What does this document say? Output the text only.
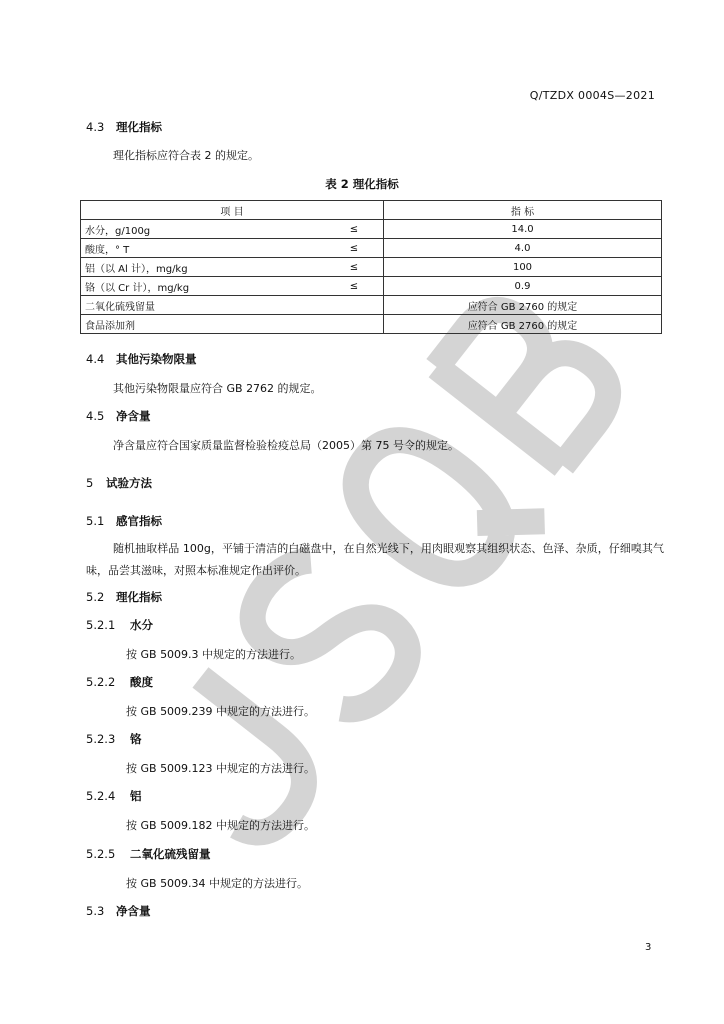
Q/TZDX 0004S—2021
4.3 理化指标
理化指标应符合表 2 的规定。
表 2 理化指标
项 目		指 标
水分，g/100g	≤	14.0
酸度，° T	≤	4.0
铝（以 Al 计），mg/kg	≤	100
铬（以 Cr 计），mg/kg	≤	0.9
二氧化硫残留量		应符合 GB 2760 的规定
食品添加剂		应符合 GB 2760 的规定
4.4 其他污染物限量
其他污染物限量应符合 GB 2762 的规定。
4.5 净含量
净含量应符合国家质量监督检验检疫总局（2005）第 75 号令的规定。
5 试验方法
5.1 感官指标
随机抽取样品 100g，平铺于清洁的白磁盘中，在自然光线下，用肉眼观察其组织状态、色泽、杂质，仔细嗅其气味，品尝其滋味，对照本标准规定作出评价。
5.2 理化指标
5.2.1 水分
按 GB 5009.3 中规定的方法进行。
5.2.2 酸度
按 GB 5009.239 中规定的方法进行。
5.2.3 铬
按 GB 5009.123 中规定的方法进行。
5.2.4 铝
按 GB 5009.182 中规定的方法进行。
5.2.5 二氧化硫残留量
按 GB 5009.34 中规定的方法进行。
5.3 净含量
3
